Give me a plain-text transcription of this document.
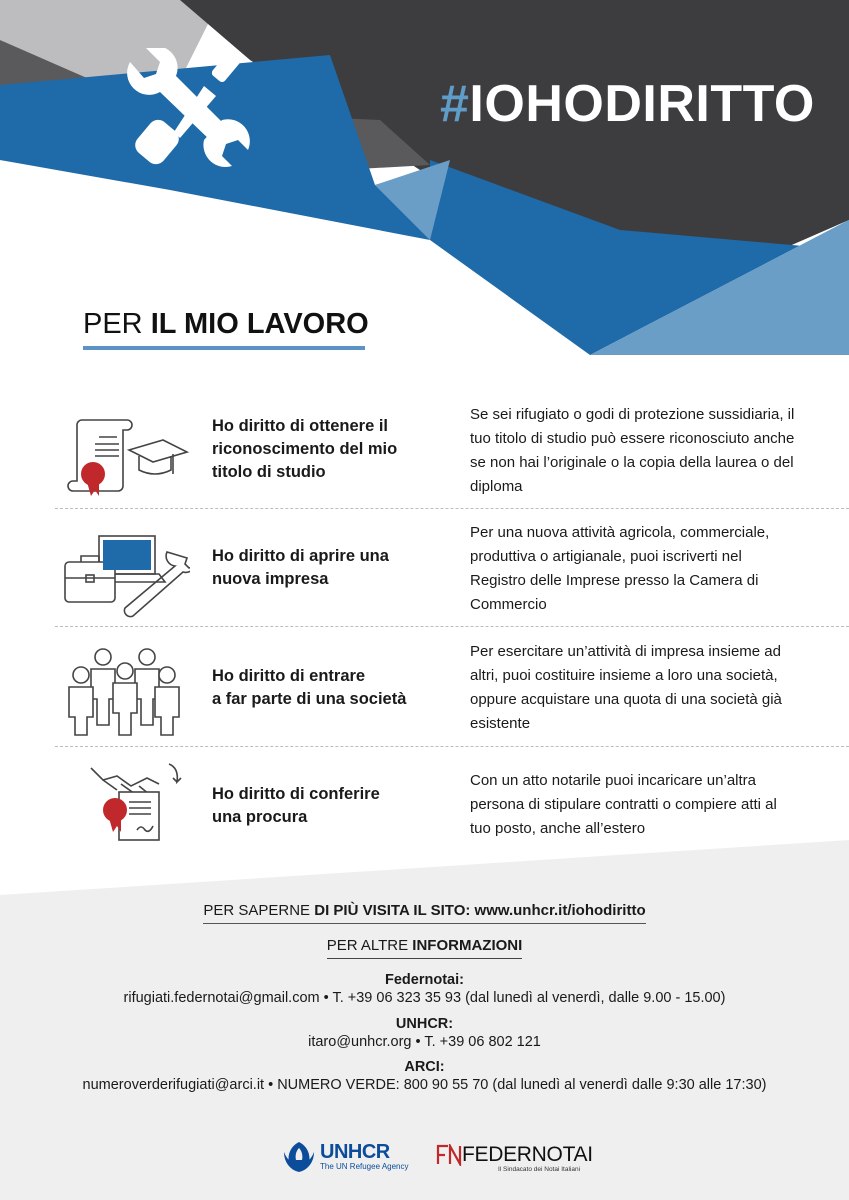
#IOHODIRITTO
PER IL MIO LAVORO
Ho diritto di ottenere il
riconoscimento del mio
titolo di studio
Se sei rifugiato o godi di protezione sussidiaria, il
tuo titolo di studio può essere riconosciuto anche
se non hai l’originale o la copia della laurea o del
diploma
Ho diritto di aprire una
nuova impresa
Per una nuova attività agricola, commerciale,
produttiva o artigianale, puoi iscriverti nel
Registro delle Imprese presso la Camera di
Commercio
Ho diritto di entrare
a far parte di una società
Per esercitare un’attività di impresa insieme ad
altri, puoi costituire insieme a loro una società,
oppure acquistare una quota di una società già
esistente
Ho diritto di conferire
una procura
Con un atto notarile puoi incaricare un’altra
persona di stipulare contratti o compiere atti al
tuo posto, anche all’estero
PER SAPERNE DI PIÙ VISITA IL SITO: www.unhcr.it/iohodiritto
PER ALTRE INFORMAZIONI
Federnotai:
rifugiati.federnotai@gmail.com • T. +39 06 323 35 93 (dal lunedì al venerdì, dalle 9.00 - 15.00)
UNHCR:
itaro@unhcr.org • T. +39 06 802 121
ARCI:
numeroverderifugiati@arci.it • NUMERO VERDE: 800 90 55 70 (dal lunedì al venerdì dalle 9:30 alle 17:30)
UNHCR
The UN Refugee Agency
FEDERNOTAI
Il Sindacato dei Notai Italiani
